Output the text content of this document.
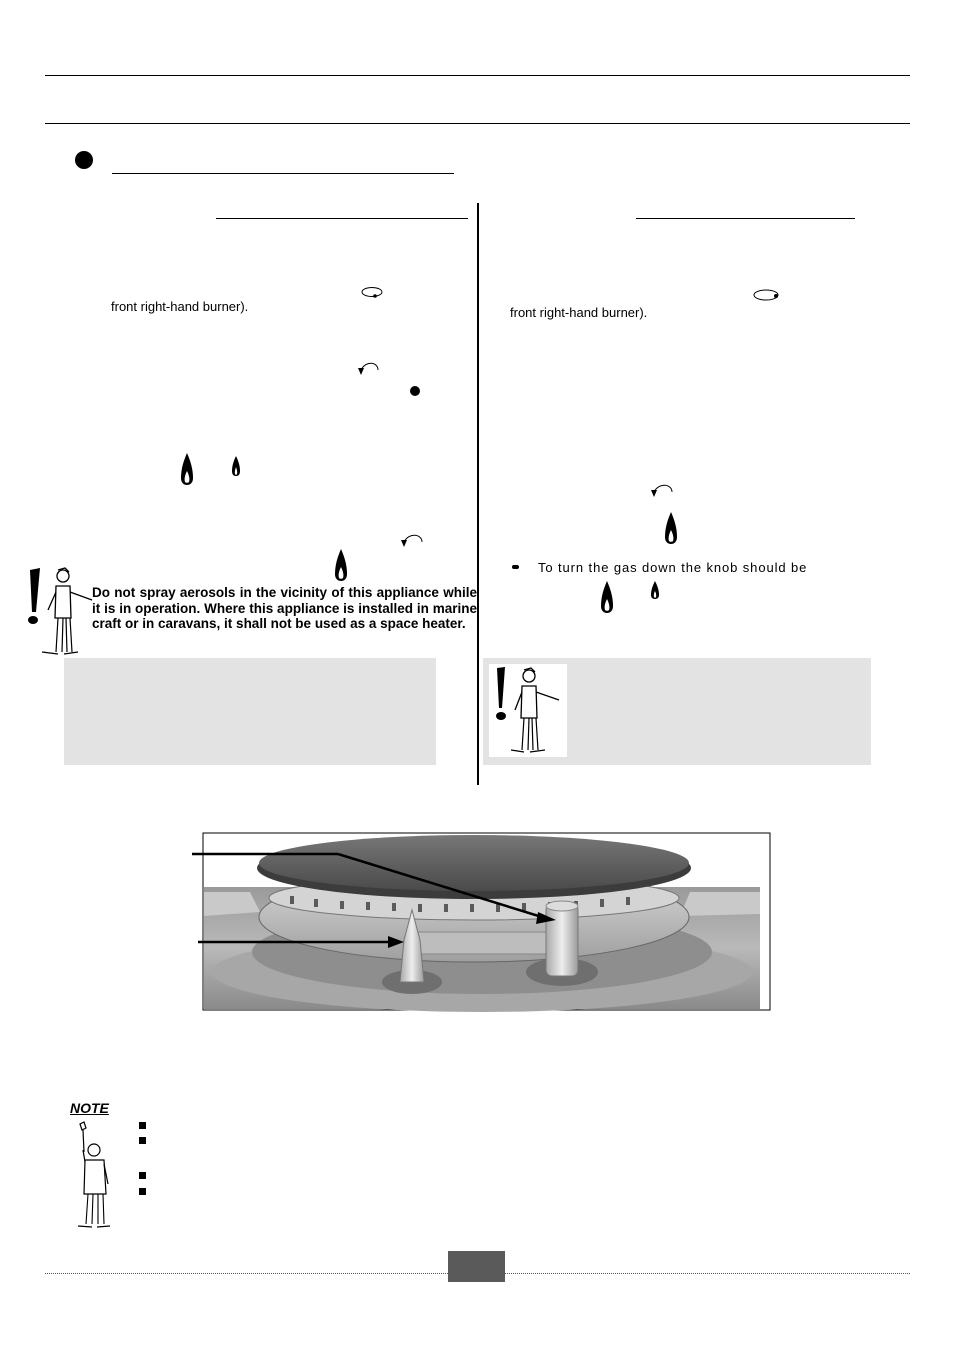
front right-hand burner).
Do not spray aerosols in the vicinity of this appliance while it is in operation. Where this appliance is installed in marine craft or in caravans, it shall not be used as a space heater.
front right-hand burner).
To turn the gas down the knob should be
NOTE
